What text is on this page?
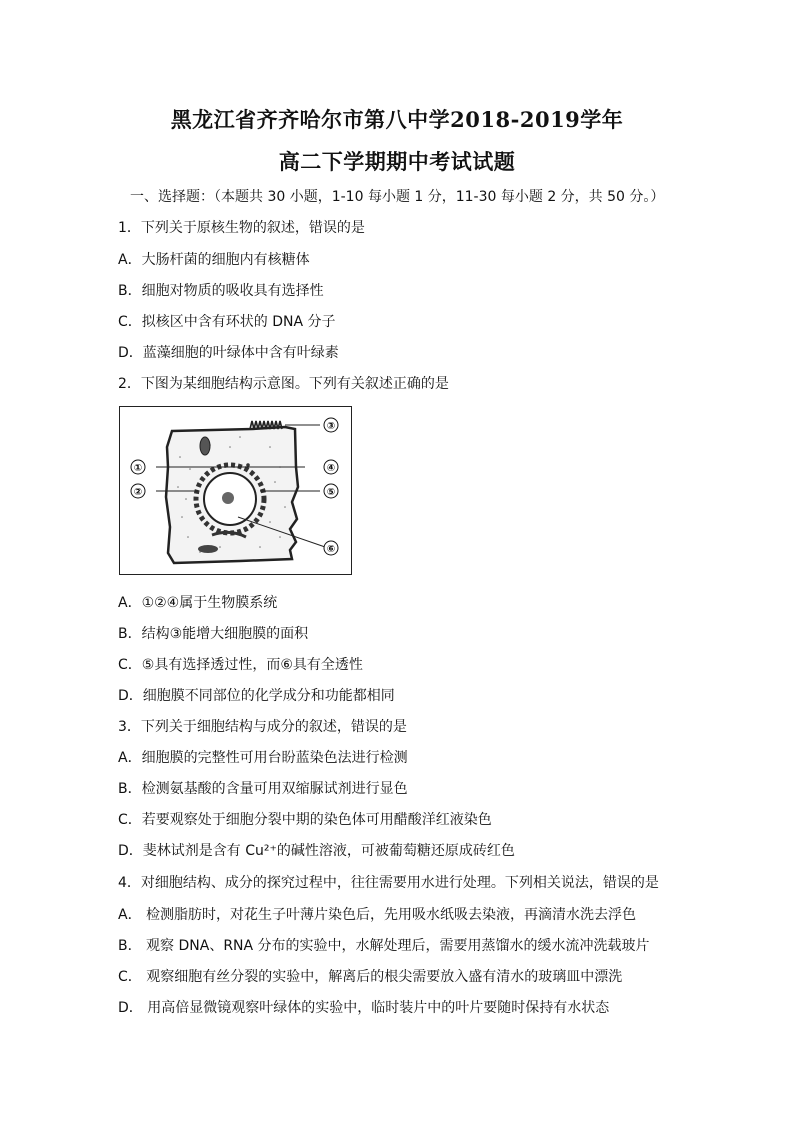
黑龙江省齐齐哈尔市第八中学2018-2019学年
高二下学期期中考试试题
一、选择题：（本题共 30 小题，1-10 每小题 1 分，11-30 每小题 2 分，共 50 分。）
1．下列关于原核生物的叙述，错误的是
A．大肠杆菌的细胞内有核糖体
B．细胞对物质的吸收具有选择性
C．拟核区中含有环状的 DNA 分子
D．蓝藻细胞的叶绿体中含有叶绿素
2．下图为某细胞结构示意图。下列有关叙述正确的是
①
②
③
④
⑤
⑥
A．①②④属于生物膜系统
B．结构③能增大细胞膜的面积
C．⑤具有选择透过性，而⑥具有全透性
D．细胞膜不同部位的化学成分和功能都相同
3．下列关于细胞结构与成分的叙述，错误的是
A．细胞膜的完整性可用台盼蓝染色法进行检测
B．检测氨基酸的含量可用双缩脲试剂进行显色
C．若要观察处于细胞分裂中期的染色体可用醋酸洋红液染色
D．斐林试剂是含有 Cu²⁺的碱性溶液，可被葡萄糖还原成砖红色
4．对细胞结构、成分的探究过程中，往往需要用水进行处理。下列相关说法，错误的是
A． 检测脂肪时，对花生子叶薄片染色后，先用吸水纸吸去染液，再滴清水洗去浮色
B． 观察 DNA、RNA 分布的实验中，水解处理后，需要用蒸馏水的缓水流冲洗载玻片
C． 观察细胞有丝分裂的实验中，解离后的根尖需要放入盛有清水的玻璃皿中漂洗
D． 用高倍显微镜观察叶绿体的实验中，临时装片中的叶片要随时保持有水状态
